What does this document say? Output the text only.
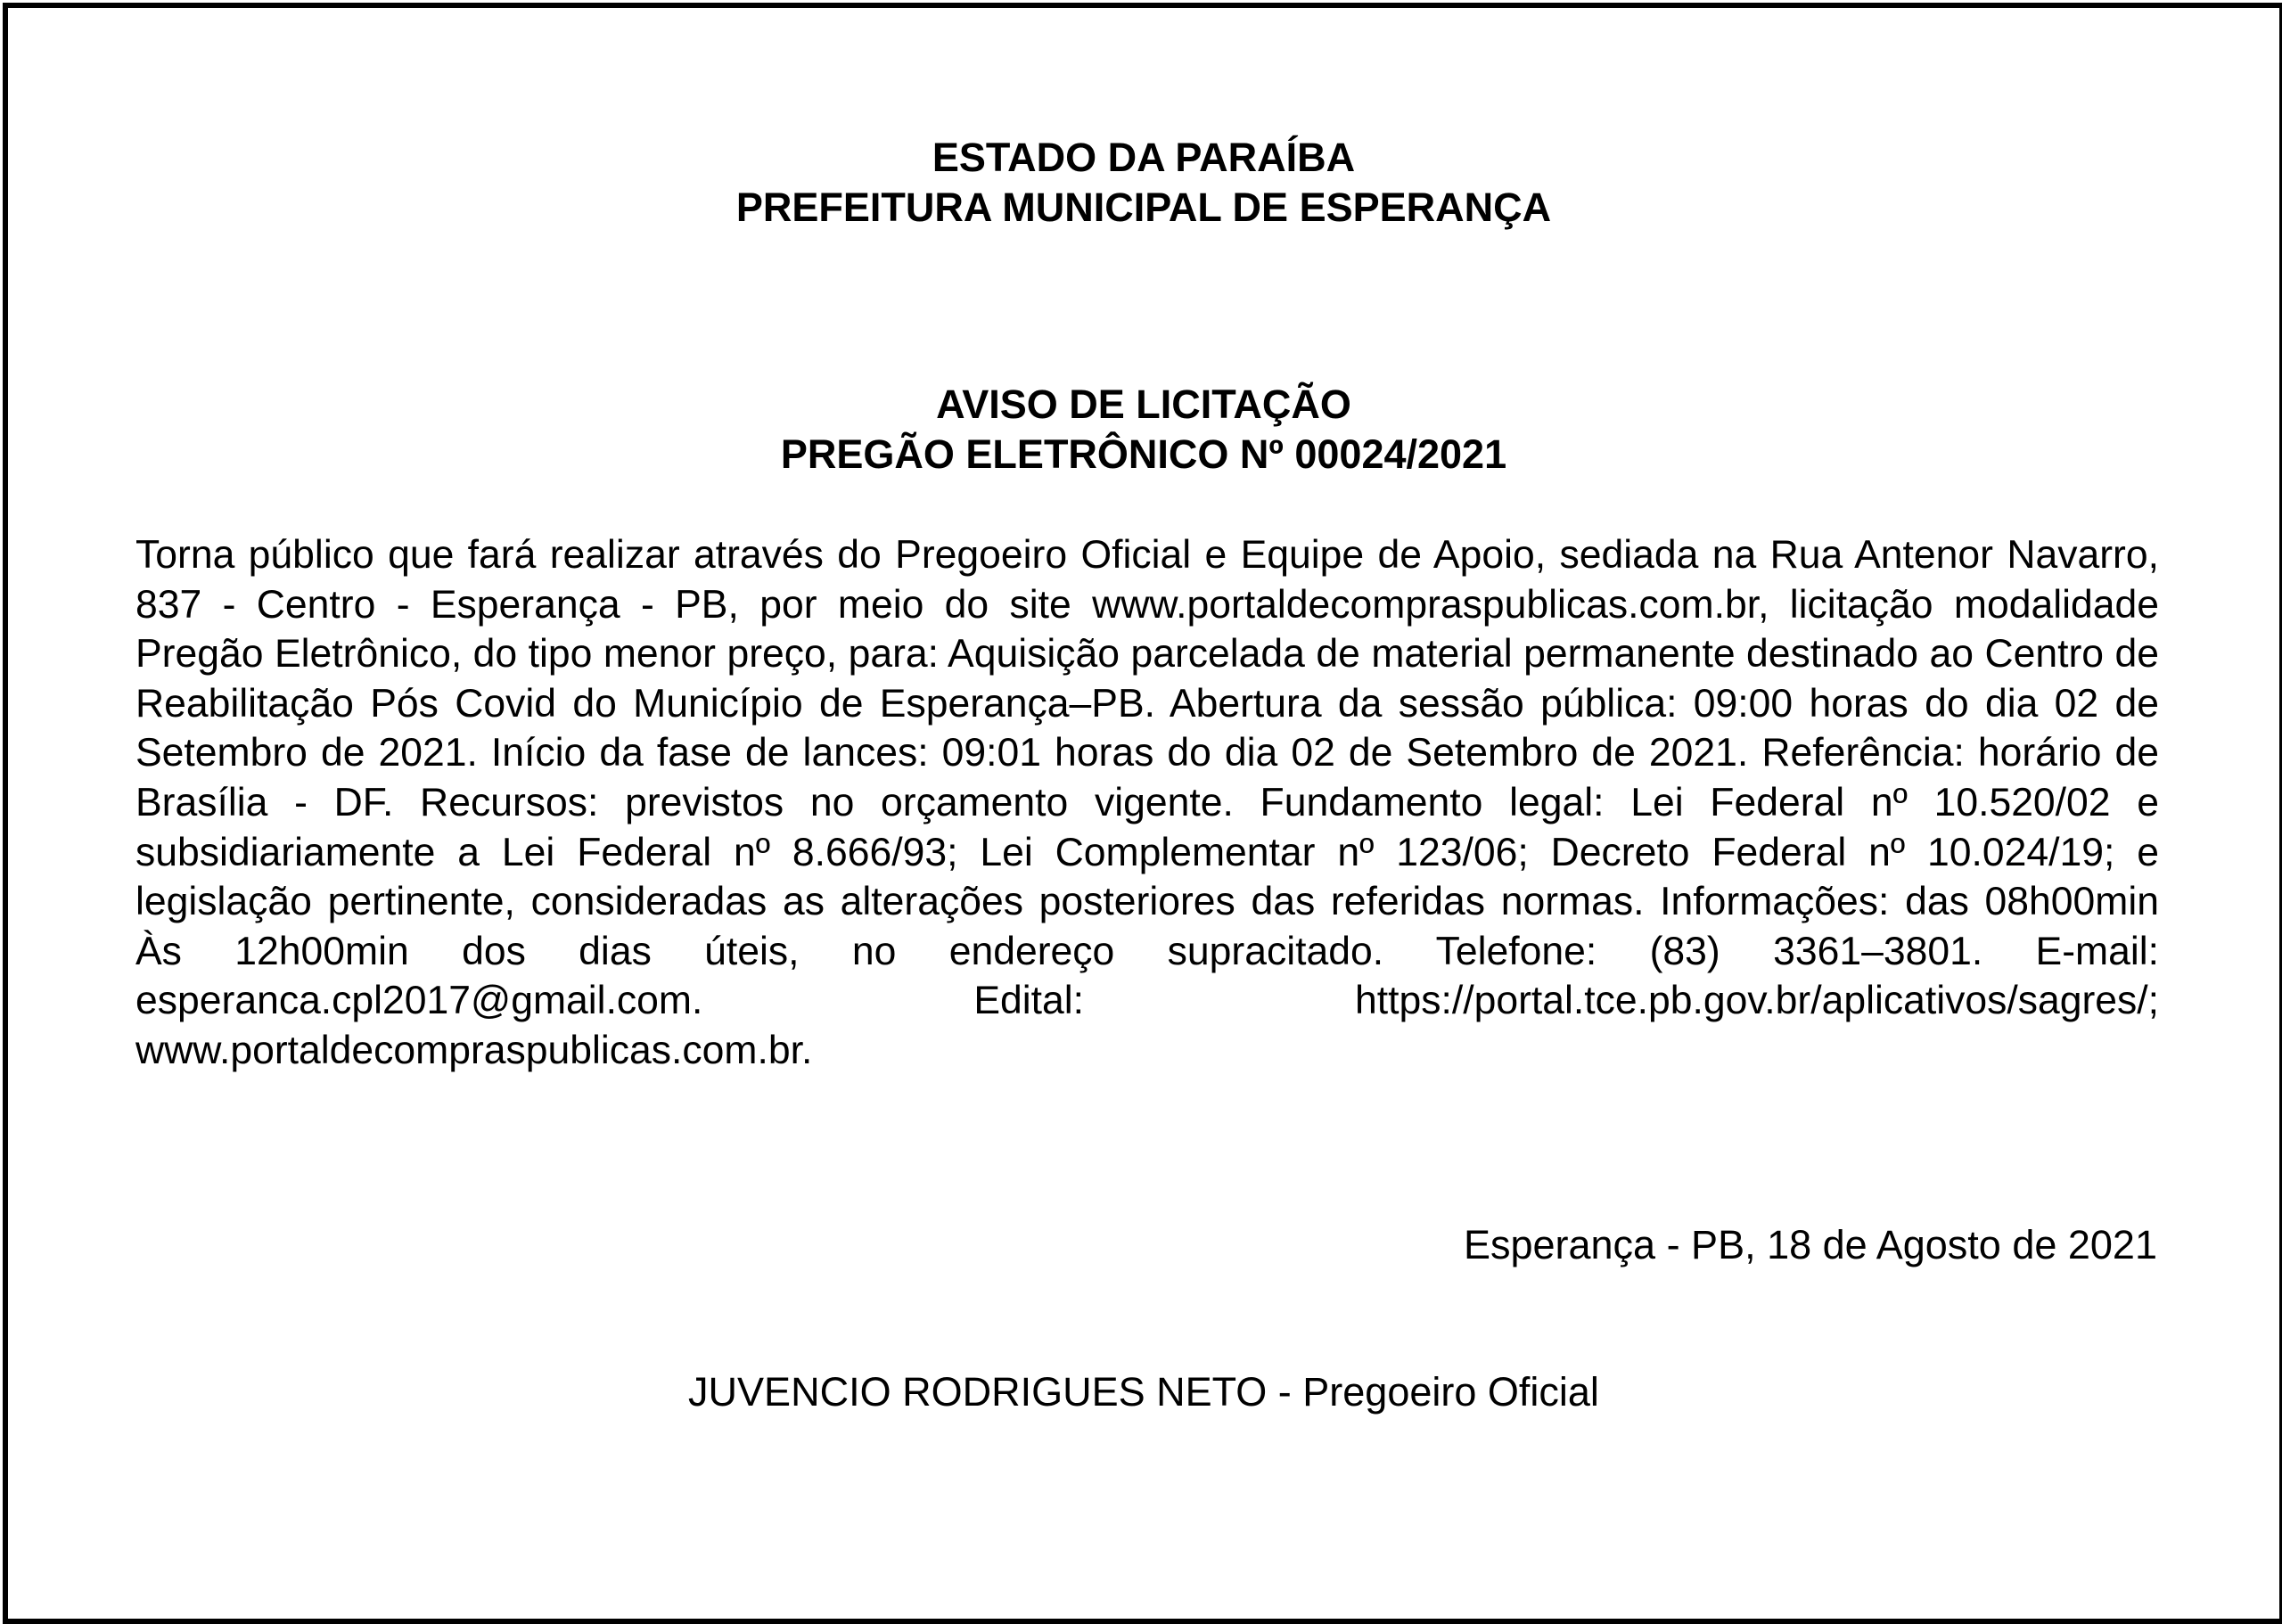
ESTADO DA PARAÍBA
PREFEITURA MUNICIPAL DE ESPERANÇA
AVISO DE LICITAÇÃO
PREGÃO ELETRÔNICO Nº 00024/2021

Torna público que fará realizar através do Pregoeiro Oficial e Equipe de Apoio, sediada na Rua Antenor Navarro, 837 - Centro - Esperança - PB, por meio do site www.portaldecompraspublicas.com.br, licitação modalidade Pregão Eletrônico, do tipo menor preço, para: Aquisição parcelada de material permanente destinado ao Centro de Reabilitação Pós Covid do Município de Esperança–PB. Abertura da sessão pública: 09:00 horas do dia 02 de Setembro de 2021. Início da fase de lances: 09:01 horas do dia 02 de Setembro de 2021. Referência: horário de Brasília - DF. Recursos: previstos no orçamento vigente. Fundamento legal: Lei Federal nº 10.520/02 e subsidiariamente a Lei Federal nº 8.666/93; Lei Complementar nº 123/06; Decreto Federal nº 10.024/19; e legislação pertinente, consideradas as alterações posteriores das referidas normas. Informações: das 08h00min Às 12h00min dos dias úteis, no endereço supracitado. Telefone: (83) 3361–3801. E-mail: esperanca.cpl2017@gmail.com. Edital: https://portal.tce.pb.gov.br/aplicativos/sagres/; www.portaldecompraspublicas.com.br.

Esperança - PB, 18 de Agosto de 2021
JUVENCIO RODRIGUES NETO - Pregoeiro Oficial
